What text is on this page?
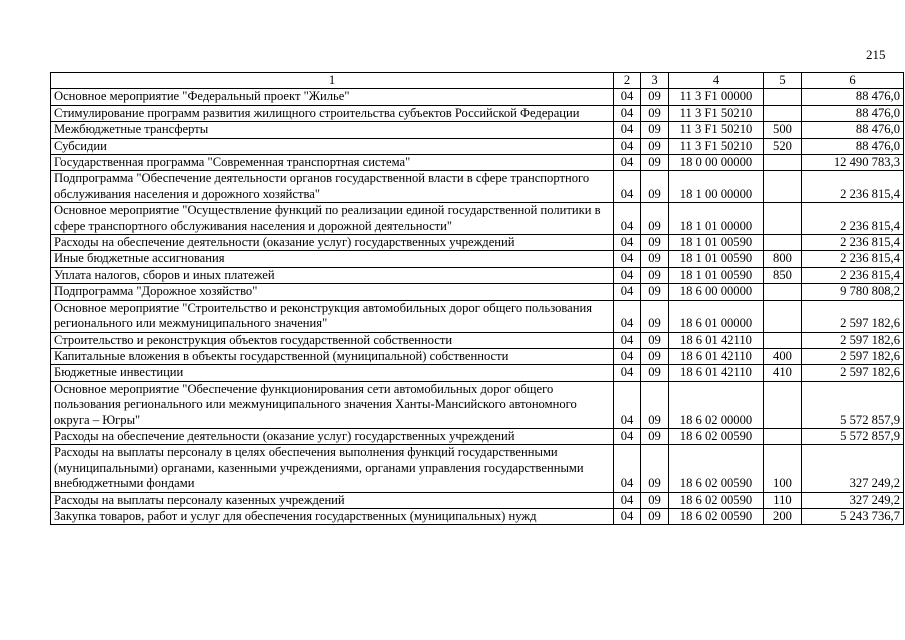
215
1	2	3	4	5	6
Основное мероприятие "Федеральный проект "Жилье"	04	09	11 3 F1 00000		88 476,0
Стимулирование программ развития жилищного строительства субъектов Российской Федерации	04	09	11 3 F1 50210		88 476,0
Межбюджетные трансферты	04	09	11 3 F1 50210	500	88 476,0
Субсидии	04	09	11 3 F1 50210	520	88 476,0
Государственная программа "Современная транспортная система"	04	09	18 0 00 00000		12 490 783,3
Подпрограмма "Обеспечение деятельности органов государственной власти в сфере транспортного обслуживания населения и дорожного хозяйства"	04	09	18 1 00 00000		2 236 815,4
Основное мероприятие "Осуществление функций по реализации единой государственной политики в сфере транспортного обслуживания населения и дорожной деятельности"	04	09	18 1 01 00000		2 236 815,4
Расходы на обеспечение деятельности (оказание услуг) государственных учреждений	04	09	18 1 01 00590		2 236 815,4
Иные бюджетные ассигнования	04	09	18 1 01 00590	800	2 236 815,4
Уплата налогов, сборов и иных платежей	04	09	18 1 01 00590	850	2 236 815,4
Подпрограмма "Дорожное хозяйство"	04	09	18 6 00 00000		9 780 808,2
Основное мероприятие "Строительство и реконструкция автомобильных дорог общего пользования регионального или межмуниципального значения"	04	09	18 6 01 00000		2 597 182,6
Строительство и реконструкция объектов государственной собственности	04	09	18 6 01 42110		2 597 182,6
Капитальные вложения в объекты государственной (муниципальной) собственности	04	09	18 6 01 42110	400	2 597 182,6
Бюджетные инвестиции	04	09	18 6 01 42110	410	2 597 182,6
Основное мероприятие "Обеспечение функционирования сети автомобильных дорог общего пользования регионального или межмуниципального значения Ханты-Мансийского автономного округа – Югры"	04	09	18 6 02 00000		5 572 857,9
Расходы на обеспечение деятельности (оказание услуг) государственных учреждений	04	09	18 6 02 00590		5 572 857,9
Расходы на выплаты персоналу в целях обеспечения выполнения функций государственными (муниципальными) органами, казенными учреждениями, органами управления государственными внебюджетными фондами	04	09	18 6 02 00590	100	327 249,2
Расходы на выплаты персоналу казенных учреждений	04	09	18 6 02 00590	110	327 249,2
Закупка товаров, работ и услуг для обеспечения государственных (муниципальных) нужд	04	09	18 6 02 00590	200	5 243 736,7
